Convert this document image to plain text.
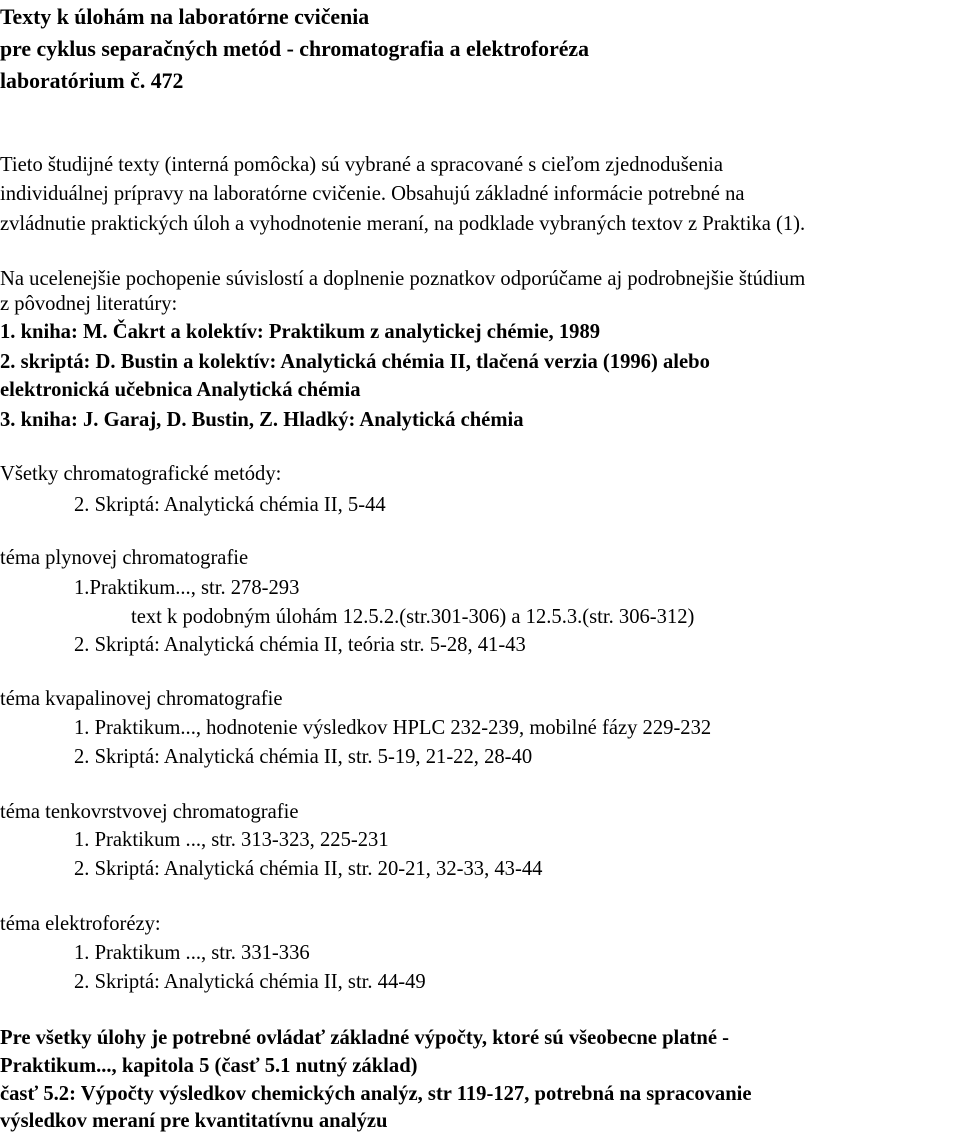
Texty k úlohám na laboratórne cvičenia
pre cyklus separačných metód - chromatografia a elektroforéza
laboratórium č. 472
Tieto študijné texty (interná pomôcka) sú vybrané a spracované s cieľom zjednodušenia
individuálnej prípravy na laboratórne cvičenie. Obsahujú základné informácie potrebné na
zvládnutie praktických úloh a vyhodnotenie meraní, na podklade vybraných textov z Praktika (1).
Na ucelenejšie pochopenie súvislostí a doplnenie poznatkov odporúčame aj podrobnejšie štúdium
z pôvodnej literatúry:
1. kniha: M. Čakrt a kolektív: Praktikum z analytickej chémie, 1989
2. skriptá: D. Bustin a kolektív: Analytická chémia II, tlačená verzia (1996) alebo
elektronická učebnica Analytická chémia
3. kniha: J. Garaj, D. Bustin, Z. Hladký: Analytická chémia
Všetky chromatografické metódy:
2. Skriptá: Analytická chémia II, 5-44
téma plynovej chromatografie
1.Praktikum..., str. 278-293
text k podobným úlohám 12.5.2.(str.301-306) a 12.5.3.(str. 306-312)
2. Skriptá: Analytická chémia II, teória str. 5-28, 41-43
téma kvapalinovej chromatografie
1. Praktikum..., hodnotenie výsledkov HPLC 232-239, mobilné fázy 229-232
2. Skriptá: Analytická chémia II, str. 5-19, 21-22, 28-40
téma tenkovrstvovej chromatografie
1. Praktikum ..., str. 313-323, 225-231
2. Skriptá: Analytická chémia II, str. 20-21, 32-33, 43-44
téma elektroforézy:
1. Praktikum ..., str. 331-336
2. Skriptá: Analytická chémia II, str. 44-49
Pre všetky úlohy je potrebné ovládať základné výpočty, ktoré sú všeobecne platné -
Praktikum..., kapitola 5 (časť 5.1 nutný základ)
časť 5.2: Výpočty výsledkov chemických analýz, str 119-127, potrebná na spracovanie
výsledkov meraní pre kvantitatívnu analýzu
